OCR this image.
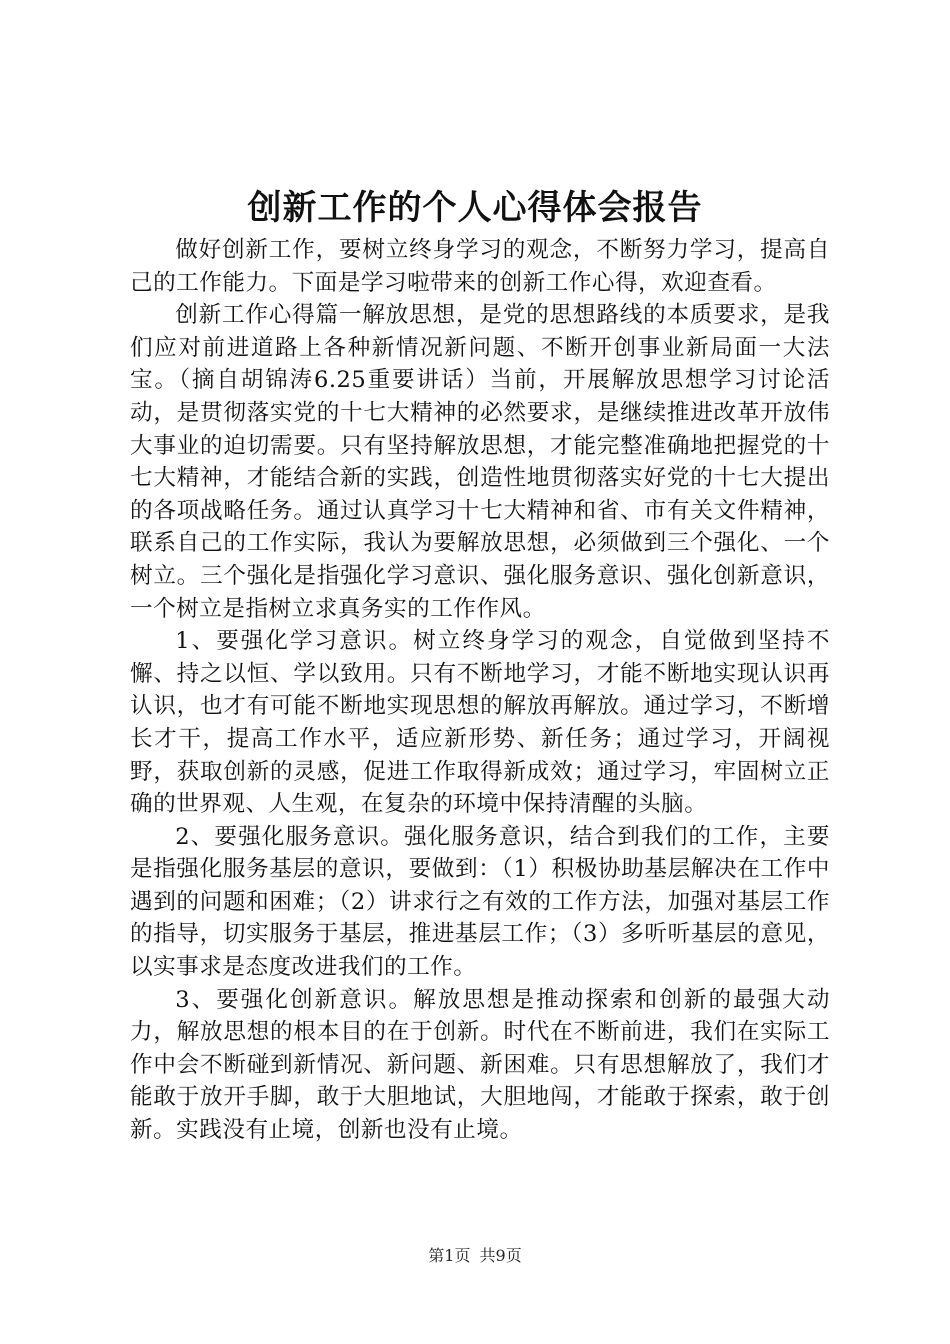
创新工作的个人心得体会报告

做好创新工作，要树立终身学习的观念，不断努力学习，提高自己的工作能力。下面是学习啦带来的创新工作心得，欢迎查看。

创新工作心得篇一解放思想，是党的思想路线的本质要求，是我们应对前进道路上各种新情况新问题、不断开创事业新局面一大法宝。（摘自胡锦涛6.25重要讲话）当前，开展解放思想学习讨论活动，是贯彻落实党的十七大精神的必然要求，是继续推进改革开放伟大事业的迫切需要。只有坚持解放思想，才能完整准确地把握党的十七大精神，才能结合新的实践，创造性地贯彻落实好党的十七大提出的各项战略任务。通过认真学习十七大精神和省、市有关文件精神，联系自己的工作实际，我认为要解放思想，必须做到三个强化、一个树立。三个强化是指强化学习意识、强化服务意识、强化创新意识，一个树立是指树立求真务实的工作作风。

1、要强化学习意识。树立终身学习的观念，自觉做到坚持不懈、持之以恒、学以致用。只有不断地学习，才能不断地实现认识再认识，也才有可能不断地实现思想的解放再解放。通过学习，不断增长才干，提高工作水平，适应新形势、新任务；通过学习，开阔视野，获取创新的灵感，促进工作取得新成效；通过学习，牢固树立正确的世界观、人生观，在复杂的环境中保持清醒的头脑。

2、要强化服务意识。强化服务意识，结合到我们的工作，主要是指强化服务基层的意识，要做到：（1）积极协助基层解决在工作中遇到的问题和困难；（2）讲求行之有效的工作方法，加强对基层工作的指导，切实服务于基层，推进基层工作；（3）多听听基层的意见，以实事求是态度改进我们的工作。

3、要强化创新意识。解放思想是推动探索和创新的最强大动力，解放思想的根本目的在于创新。时代在不断前进，我们在实际工作中会不断碰到新情况、新问题、新困难。只有思想解放了，我们才能敢于放开手脚，敢于大胆地试，大胆地闯，才能敢于探索，敢于创新。实践没有止境，创新也没有止境。

第1页 共9页
